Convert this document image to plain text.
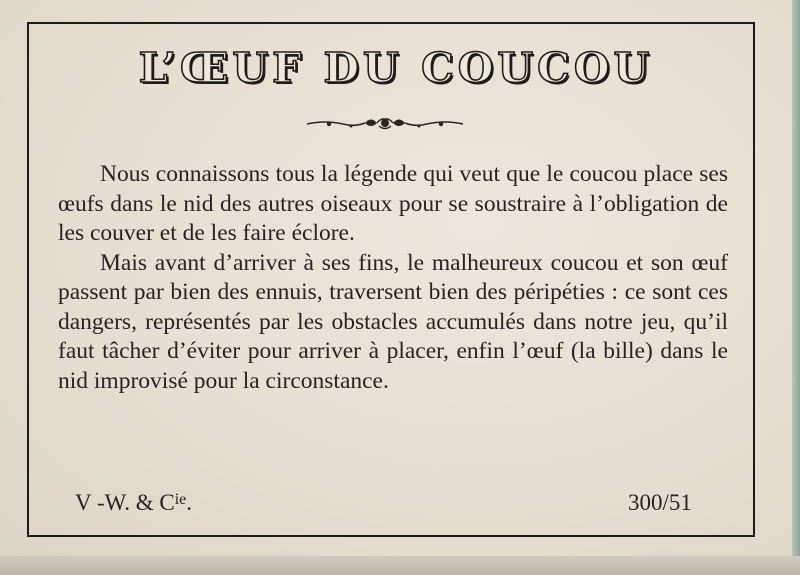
L’ŒUF DU COUCOU

Nous connaissons tous la légende qui veut que le coucou place ses œufs dans le nid des autres oiseaux pour se soustraire à l’obligation de les couver et de les faire éclore.

Mais avant d’arriver à ses fins, le malheureux coucou et son œuf passent par bien des ennuis, traversent bien des péripéties : ce sont ces dangers, représentés par les obstacles accumulés dans notre jeu, qu’il faut tâcher d’éviter pour arriver à placer, enfin l’œuf (la bille) dans le nid improvisé pour la circonstance.

V -W. & $C^{ie}$.	300/51
